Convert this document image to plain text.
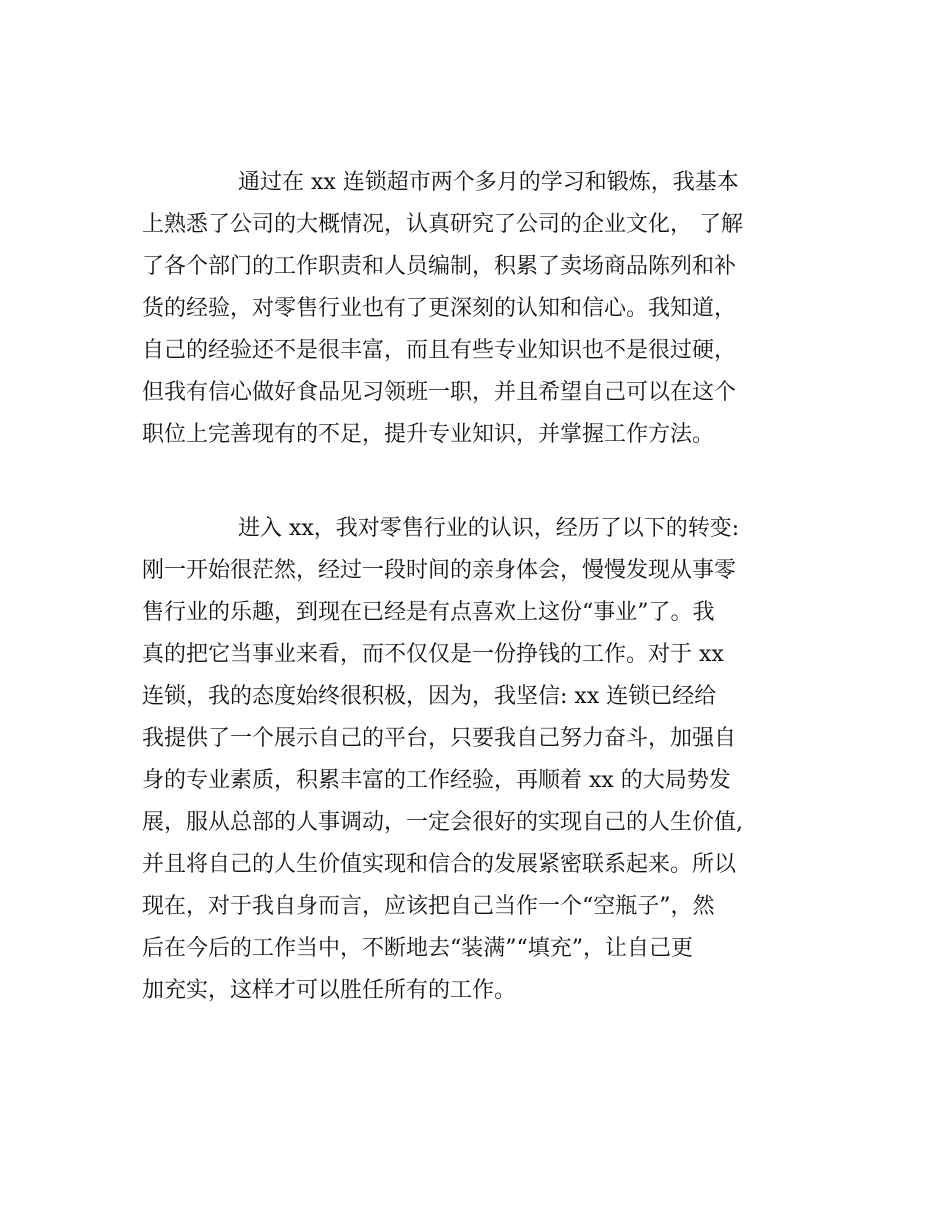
通过在 xx 连锁超市两个多月的学习和锻炼，我基本
上熟悉了公司的大概情况，认真研究了公司的企业文化， 了解
了各个部门的工作职责和人员编制，积累了卖场商品陈列和补
货的经验，对零售行业也有了更深刻的认知和信心。我知道，
自己的经验还不是很丰富，而且有些专业知识也不是很过硬，
但我有信心做好食品见习领班一职，并且希望自己可以在这个
职位上完善现有的不足，提升专业知识，并掌握工作方法。
进入 xx，我对零售行业的认识，经历了以下的转变:
刚一开始很茫然，经过一段时间的亲身体会，慢慢发现从事零
售行业的乐趣，到现在已经是有点喜欢上这份“事业”了。我
真的把它当事业来看，而不仅仅是一份挣钱的工作。对于 xx
连锁，我的态度始终很积极，因为，我坚信: xx 连锁已经给
我提供了一个展示自己的平台，只要我自己努力奋斗，加强自
身的专业素质，积累丰富的工作经验，再顺着 xx 的大局势发
展，服从总部的人事调动，一定会很好的实现自己的人生价值,
并且将自己的人生价值实现和信合的发展紧密联系起来。所以
现在，对于我自身而言，应该把自己当作一个“空瓶子”，然
后在今后的工作当中，不断地去“装满”“填充”，让自己更
加充实，这样才可以胜任所有的工作。
